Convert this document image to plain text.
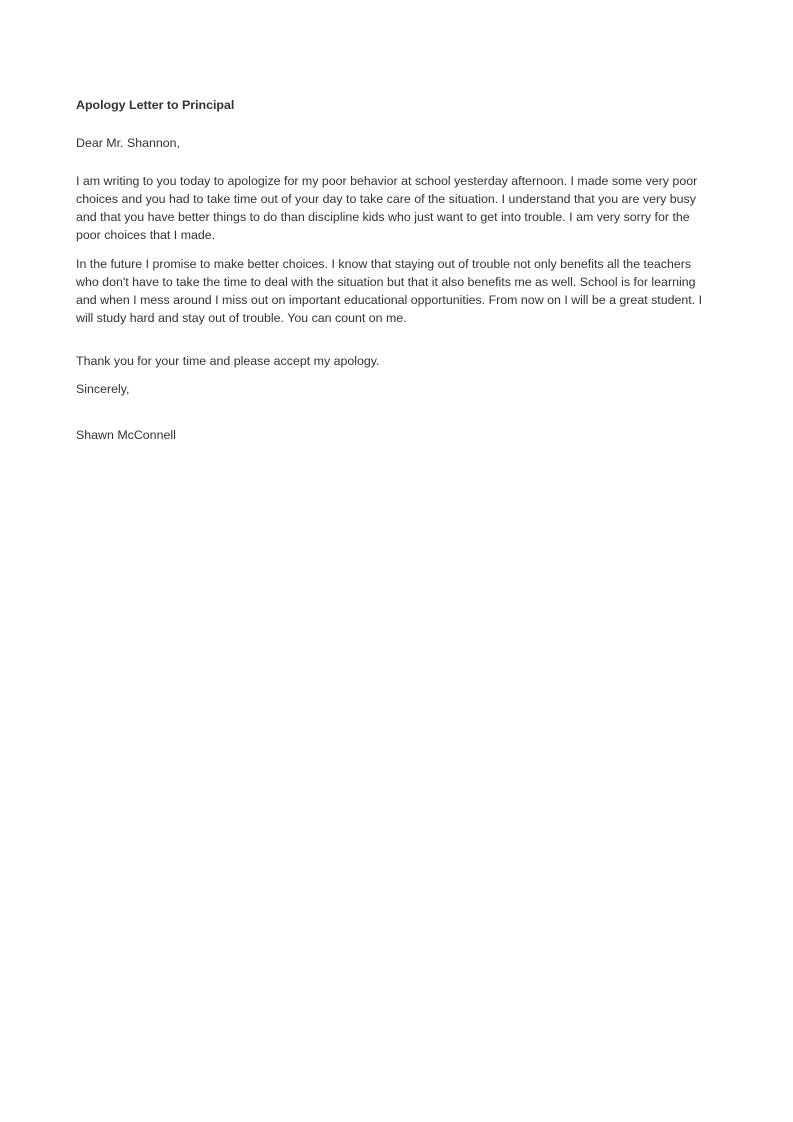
Apology Letter to Principal

Dear Mr. Shannon,

I am writing to you today to apologize for my poor behavior at school yesterday afternoon. I made some very poor choices and you had to take time out of your day to take care of the situation. I understand that you are very busy and that you have better things to do than discipline kids who just want to get into trouble. I am very sorry for the poor choices that I made.

In the future I promise to make better choices. I know that staying out of trouble not only benefits all the teachers who don't have to take the time to deal with the situation but that it also benefits me as well. School is for learning and when I mess around I miss out on important educational opportunities. From now on I will be a great student. I will study hard and stay out of trouble. You can count on me.

Thank you for your time and please accept my apology.

Sincerely,

Shawn McConnell
